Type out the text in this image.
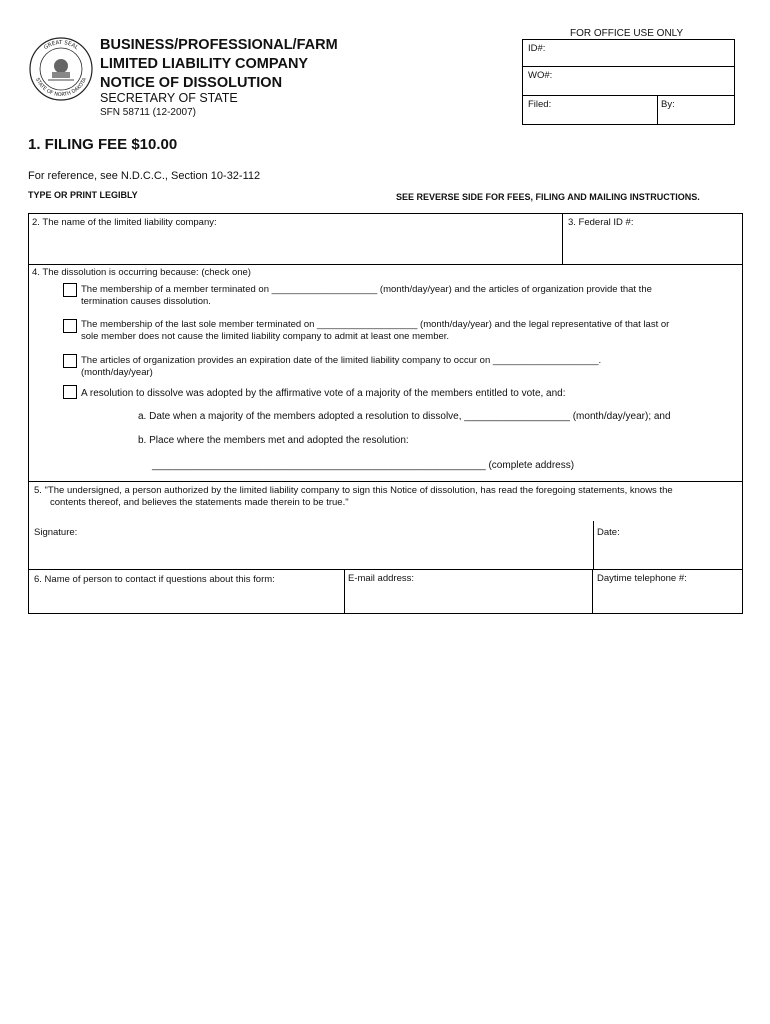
GREAT SEAL
STATE OF NORTH DAKOTA
BUSINESS/PROFESSIONAL/FARM
LIMITED LIABILITY COMPANY
NOTICE OF DISSOLUTION
SECRETARY OF STATE
SFN 58711 (12-2007)
FOR OFFICE USE ONLY
ID#:
WO#:
Filed:	By:
1. FILING FEE $10.00
For reference, see N.D.C.C., Section 10-32-112
TYPE OR PRINT LEGIBLY	SEE REVERSE SIDE FOR FEES, FILING AND MAILING INSTRUCTIONS.
2. The name of the limited liability company:	3. Federal ID #:
4. The dissolution is occurring because: (check one)
The membership of a member terminated on ____________________ (month/day/year) and the articles of organization provide that the
termination causes dissolution.
The membership of the last sole member terminated on ___________________ (month/day/year) and the legal representative of that last or
sole member does not cause the limited liability company to admit at least one member.
The articles of organization provides an expiration date of the limited liability company to occur on ____________________.
(month/day/year)
A resolution to dissolve was adopted by the affirmative vote of a majority of the members entitled to vote, and:
a. Date when a majority of the members adopted a resolution to dissolve, ___________________ (month/day/year); and
b. Place where the members met and adopted the resolution:
____________________________________________________________ (complete address)
5. "The undersigned, a person authorized by the limited liability company to sign this Notice of dissolution, has read the foregoing statements, knows the
contents thereof, and believes the statements made therein to be true."
Signature:	Date:
6. Name of person to contact if questions about this form:	E-mail address:	Daytime telephone #:
